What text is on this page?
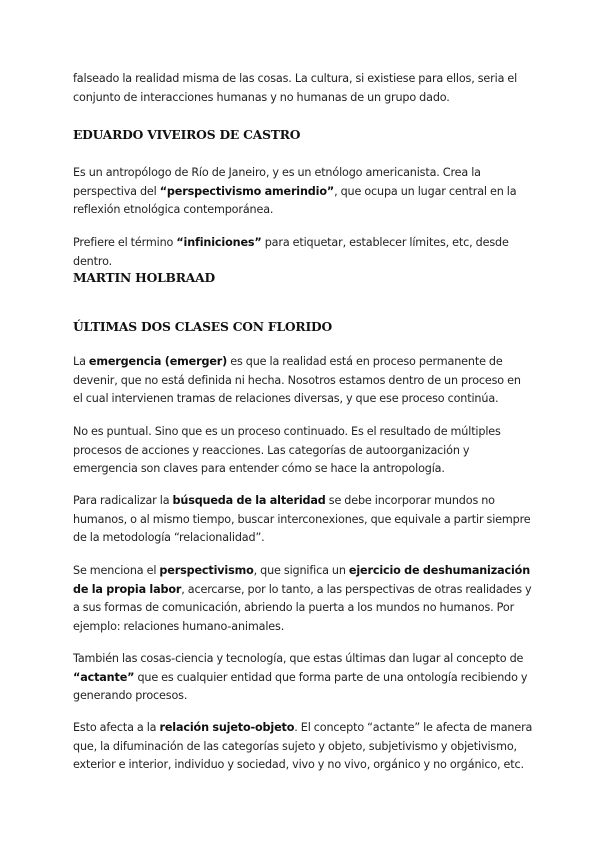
falseado la realidad misma de las cosas. La cultura, si existiese para ellos, seria el conjunto de interacciones humanas y no humanas de un grupo dado.

EDUARDO VIVEIROS DE CASTRO

Es un antropólogo de Río de Janeiro, y es un etnólogo americanista. Crea la perspectiva del “perspectivismo amerindio”, que ocupa un lugar central en la reflexión etnológica contemporánea.

Prefiere el término “infiniciones” para etiquetar, establecer límites, etc, desde dentro.

MARTIN HOLBRAAD
ÚLTIMAS DOS CLASES CON FLORIDO

La emergencia (emerger) es que la realidad está en proceso permanente de devenir, que no está definida ni hecha. Nosotros estamos dentro de un proceso en el cual intervienen tramas de relaciones diversas, y que ese proceso continúa.

No es puntual. Sino que es un proceso continuado. Es el resultado de múltiples procesos de acciones y reacciones. Las categorías de autoorganización y emergencia son claves para entender cómo se hace la antropología.

Para radicalizar la búsqueda de la alteridad se debe incorporar mundos no humanos, o al mismo tiempo, buscar interconexiones, que equivale a partir siempre de la metodología “relacionalidad”.

Se menciona el perspectivismo, que significa un ejercicio de deshumanización de la propia labor, acercarse, por lo tanto, a las perspectivas de otras realidades y a sus formas de comunicación, abriendo la puerta a los mundos no humanos. Por ejemplo: relaciones humano-animales.

También las cosas-ciencia y tecnología, que estas últimas dan lugar al concepto de “actante” que es cualquier entidad que forma parte de una ontología recibiendo y generando procesos.

Esto afecta a la relación sujeto-objeto. El concepto “actante” le afecta de manera que, la difuminación de las categorías sujeto y objeto, subjetivismo y objetivismo, exterior e interior, individuo y sociedad, vivo y no vivo, orgánico y no orgánico, etc.
